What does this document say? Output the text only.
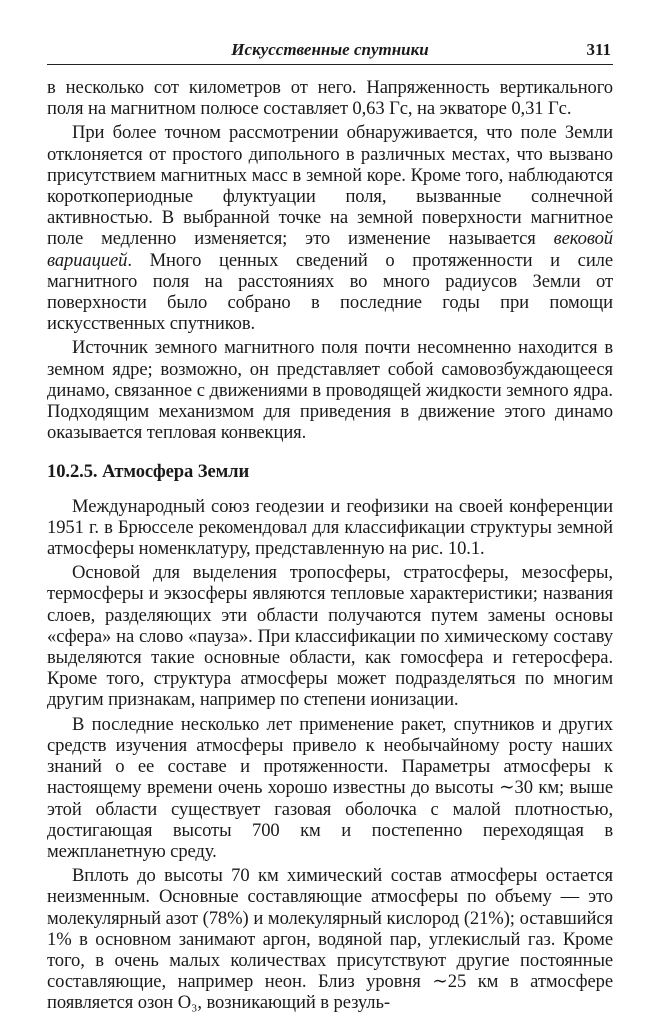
Искусственные спутники	311

в несколько сот километров от него. Напряженность вертикального поля на магнитном полюсе составляет 0,63 Гс, на экваторе 0,31 Гс.

При более точном рассмотрении обнаруживается, что поле Земли отклоняется от простого дипольного в различных местах, что вызвано присутствием магнитных масс в земной коре. Кроме того, наблюдаются короткопериодные флуктуации поля, вызванные солнечной активностью. В выбранной точке на земной поверхности магнитное поле медленно изменяется; это изменение называется вековой вариацией. Много ценных сведений о протяженности и силе магнитного поля на расстояниях во много радиусов Земли от поверхности было собрано в последние годы при помощи искусственных спутников.

Источник земного магнитного поля почти несомненно находится в земном ядре; возможно, он представляет собой самовозбуждающееся динамо, связанное с движениями в проводящей жидкости земного ядра. Подходящим механизмом для приведения в движение этого динамо оказывается тепловая конвекция.

10.2.5. Атмосфера Земли

Международный союз геодезии и геофизики на своей конференции 1951 г. в Брюсселе рекомендовал для классификации структуры земной атмосферы номенклатуру, представленную на рис. 10.1.

Основой для выделения тропосферы, стратосферы, мезосферы, термосферы и экзосферы являются тепловые характеристики; названия слоев, разделяющих эти области получаются путем замены основы «сфера» на слово «пауза». При классификации по химическому составу выделяются такие основные области, как гомосфера и гетеросфера. Кроме того, структура атмосферы может подразделяться по многим другим признакам, например по степени ионизации.

В последние несколько лет применение ракет, спутников и других средств изучения атмосферы привело к необычайному росту наших знаний о ее составе и протяженности. Параметры атмосферы к настоящему времени очень хорошо известны до высоты ∼30 км; выше этой области существует газовая оболочка с малой плотностью, достигающая высоты 700 км и постепенно переходящая в межпланетную среду.

Вплоть до высоты 70 км химический состав атмосферы остается неизменным. Основные составляющие атмосферы по объему — это молекулярный азот (78%) и молекулярный кислород (21%); оставшийся 1% в основном занимают аргон, водяной пар, углекислый газ. Кроме того, в очень малых количествах присутствуют другие постоянные составляющие, например неон. Близ уровня ∼25 км в атмосфере появляется озон O₃, возникающий в резуль-
